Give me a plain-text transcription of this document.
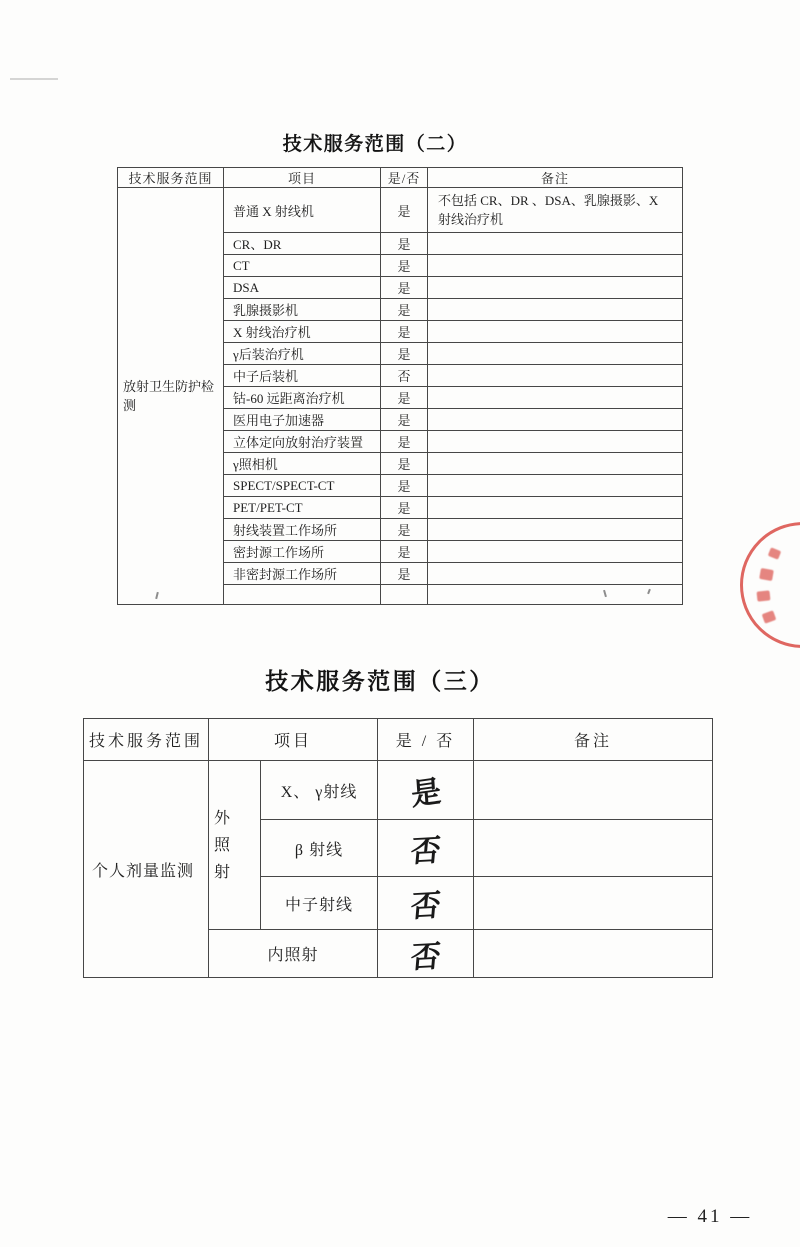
技术服务范围（二）
技术服务范围	项目	是/否	备注
放射卫生防护检测	普通 X 射线机	是	不包括 CR、DR 、DSA、乳腺摄影、X 射线治疗机
	CR、DR	是	
	CT	是	
	DSA	是	
	乳腺摄影机	是	
	X 射线治疗机	是	
	γ后装治疗机	是	
	中子后装机	否	
	钴-60 远距离治疗机	是	
	医用电子加速器	是	
	立体定向放射治疗装置	是	
	γ照相机	是	
	SPECT/SPECT-CT	是	
	PET/PET-CT	是	
	射线装置工作场所	是	
	密封源工作场所	是	
	非密封源工作场所	是	

技术服务范围（三）
技术服务范围	项目		是 / 否	备注
个人剂量监测	外 照 射	X、 γ射线	是	
		β 射线	否	
		中子射线	否	
	内照射		否	
— 41 —
